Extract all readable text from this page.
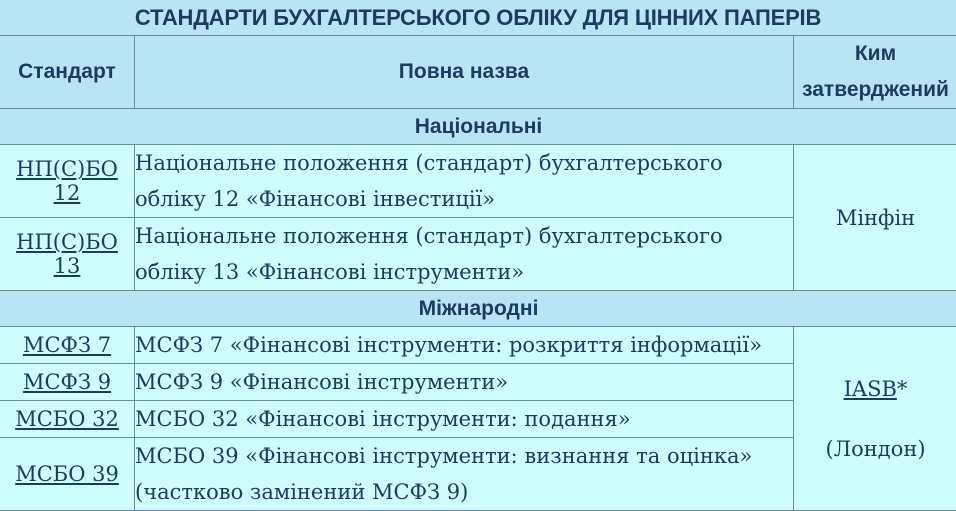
СТАНДАРТИ БУХГАЛТЕРСЬКОГО ОБЛІКУ ДЛЯ ЦІННИХ ПАПЕРІВ
Стандарт	Повна назва	Ким
затверджений

Національні		
НП(С)БО 12	Національне положення (стандарт) бухгалтерського обліку 12 «Фінансові інвестиції»	Мінфін
НП(С)БО 13	Національне положення (стандарт) бухгалтерського обліку 13 «Фінансові інструменти»	
Міжнародні		
МСФЗ 7	МСФЗ 7 «Фінансові інструменти: розкриття інформації»	IASB*
(Лондон)

МСФЗ 9	МСФЗ 9 «Фінансові інструменти»	
МСБО 32	МСБО 32 «Фінансові інструменти: подання»	
МСБО 39	МСБО 39 «Фінансові інструменти: визнання та оцінка» (частково замінений МСФЗ 9)	
